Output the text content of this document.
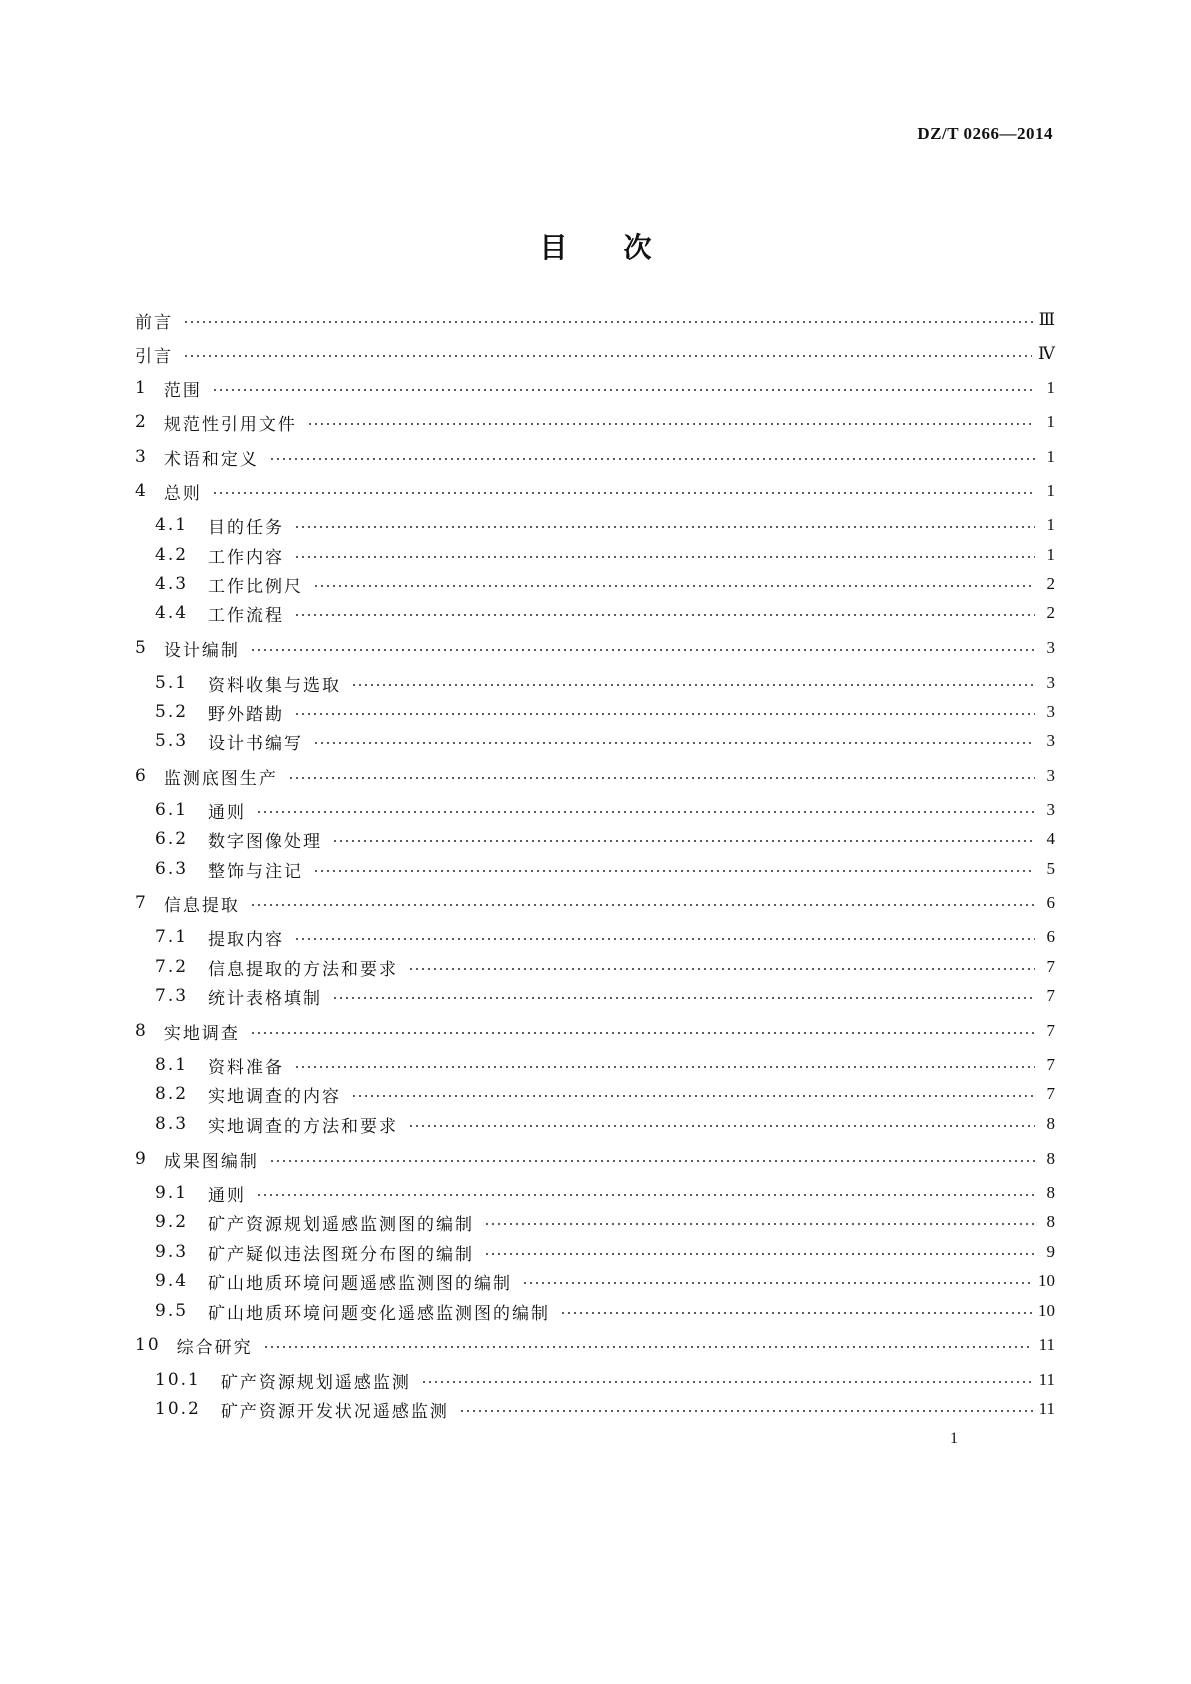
DZ/T 0266—2014
目 次
前言	Ⅲ
引言	Ⅳ
1 范围	1
2 规范性引用文件	1
3 术语和定义	1
4 总则	1
4.1 目的任务	1
4.2 工作内容	1
4.3 工作比例尺	2
4.4 工作流程	2
5 设计编制	3
5.1 资料收集与选取	3
5.2 野外踏勘	3
5.3 设计书编写	3
6 监测底图生产	3
6.1 通则	3
6.2 数字图像处理	4
6.3 整饰与注记	5
7 信息提取	6
7.1 提取内容	6
7.2 信息提取的方法和要求	7
7.3 统计表格填制	7
8 实地调查	7
8.1 资料准备	7
8.2 实地调查的内容	7
8.3 实地调查的方法和要求	8
9 成果图编制	8
9.1 通则	8
9.2 矿产资源规划遥感监测图的编制	8
9.3 矿产疑似违法图斑分布图的编制	9
9.4 矿山地质环境问题遥感监测图的编制	10
9.5 矿山地质环境问题变化遥感监测图的编制	10
10 综合研究	11
10.1 矿产资源规划遥感监测	11
10.2 矿产资源开发状况遥感监测	11
1
